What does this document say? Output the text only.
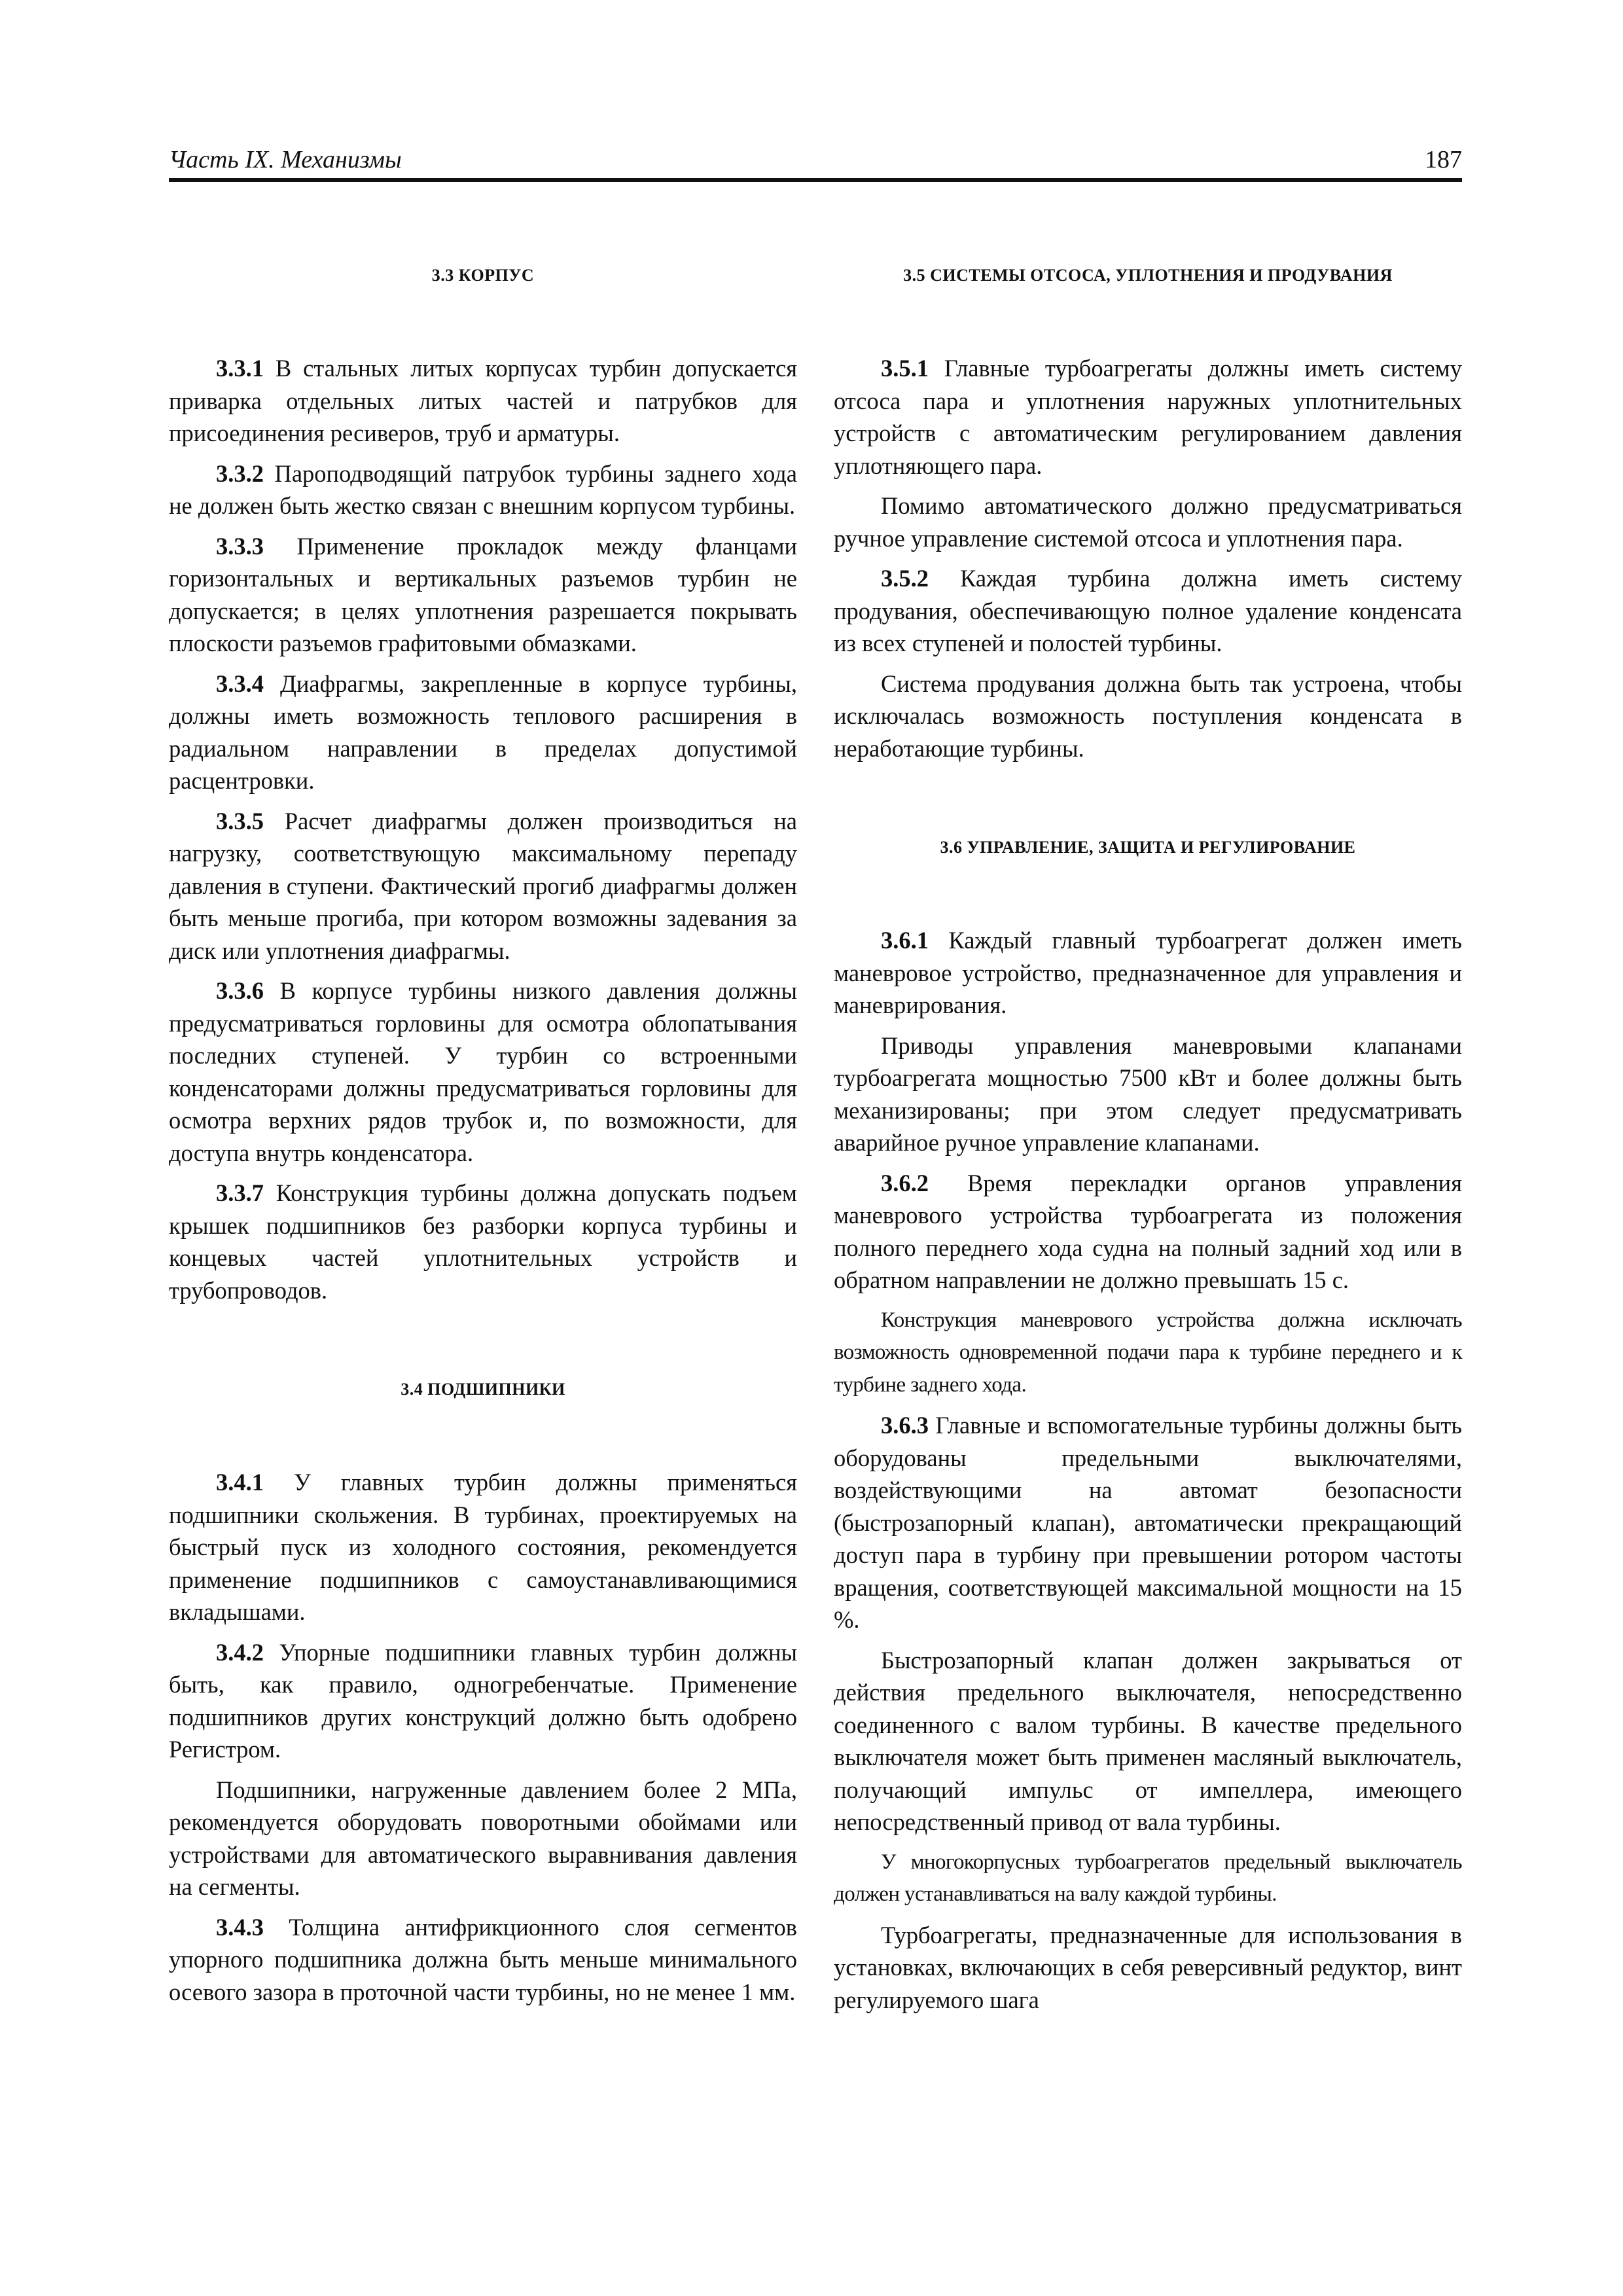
Часть IX. Механизмы	187
3.3 КОРПУС

3.3.1 В стальных литых корпусах турбин допускается приварка отдельных литых частей и патрубков для присоединения ресиверов, труб и арматуры.

3.3.2 Пароподводящий патрубок турбины заднего хода не должен быть жестко связан с внешним корпусом турбины.

3.3.3 Применение прокладок между фланцами горизонтальных и вертикальных разъемов турбин не допускается; в целях уплотнения разрешается покрывать плоскости разъемов графитовыми обмазками.

3.3.4 Диафрагмы, закрепленные в корпусе турбины, должны иметь возможность теплового расширения в радиальном направлении в пределах допустимой расцентровки.

3.3.5 Расчет диафрагмы должен производиться на нагрузку, соответствующую максимальному перепаду давления в ступени. Фактический прогиб диафрагмы должен быть меньше прогиба, при котором возможны задевания за диск или уплотнения диафрагмы.

3.3.6 В корпусе турбины низкого давления должны предусматриваться горловины для осмотра облопатывания последних ступеней. У турбин со встроенными конденсаторами должны предусматриваться горловины для осмотра верхних рядов трубок и, по возможности, для доступа внутрь конденсатора.

3.3.7 Конструкция турбины должна допускать подъем крышек подшипников без разборки корпуса турбины и концевых частей уплотнительных устройств и трубопроводов.

3.4 ПОДШИПНИКИ

3.4.1 У главных турбин должны применяться подшипники скольжения. В турбинах, проектируемых на быстрый пуск из холодного состояния, рекомендуется применение подшипников с самоустанавливающимися вкладышами.

3.4.2 Упорные подшипники главных турбин должны быть, как правило, одногребенчатые. Применение подшипников других конструкций должно быть одобрено Регистром.

Подшипники, нагруженные давлением более 2 МПа, рекомендуется оборудовать поворотными обоймами или устройствами для автоматического выравнивания давления на сегменты.

3.4.3 Толщина антифрикционного слоя сегментов упорного подшипника должна быть меньше минимального осевого зазора в проточной части турбины, но не менее 1 мм.

3.5 СИСТЕМЫ ОТСОСА, УПЛОТНЕНИЯ И ПРОДУВАНИЯ

3.5.1 Главные турбоагрегаты должны иметь систему отсоса пара и уплотнения наружных уплотнительных устройств с автоматическим регулированием давления уплотняющего пара.

Помимо автоматического должно предусматриваться ручное управление системой отсоса и уплотнения пара.

3.5.2 Каждая турбина должна иметь систему продувания, обеспечивающую полное удаление конденсата из всех ступеней и полостей турбины.

Система продувания должна быть так устроена, чтобы исключалась возможность поступления конденсата в неработающие турбины.

3.6 УПРАВЛЕНИЕ, ЗАЩИТА И РЕГУЛИРОВАНИЕ

3.6.1 Каждый главный турбоагрегат должен иметь маневровое устройство, предназначенное для управления и маневрирования.

Приводы управления маневровыми клапанами турбоагрегата мощностью 7500 кВт и более должны быть механизированы; при этом следует предусматривать аварийное ручное управление клапанами.

3.6.2 Время перекладки органов управления маневрового устройства турбоагрегата из положения полного переднего хода судна на полный задний ход или в обратном направлении не должно превышать 15 с.

Конструкция маневрового устройства должна исключать возможность одновременной подачи пара к турбине переднего и к турбине заднего хода.

3.6.3 Главные и вспомогательные турбины должны быть оборудованы предельными выключателями, воздействующими на автомат безопасности (быстрозапорный клапан), автоматически прекращающий доступ пара в турбину при превышении ротором частоты вращения, соответствующей максимальной мощности на 15 %.

Быстрозапорный клапан должен закрываться от действия предельного выключателя, непосредственно соединенного с валом турбины. В качестве предельного выключателя может быть применен масляный выключатель, получающий импульс от импеллера, имеющего непосредственный привод от вала турбины.

У многокорпусных турбоагрегатов предельный выключатель должен устанавливаться на валу каждой турбины.

Турбоагрегаты, предназначенные для использования в установках, включающих в себя реверсивный редуктор, винт регулируемого шага
